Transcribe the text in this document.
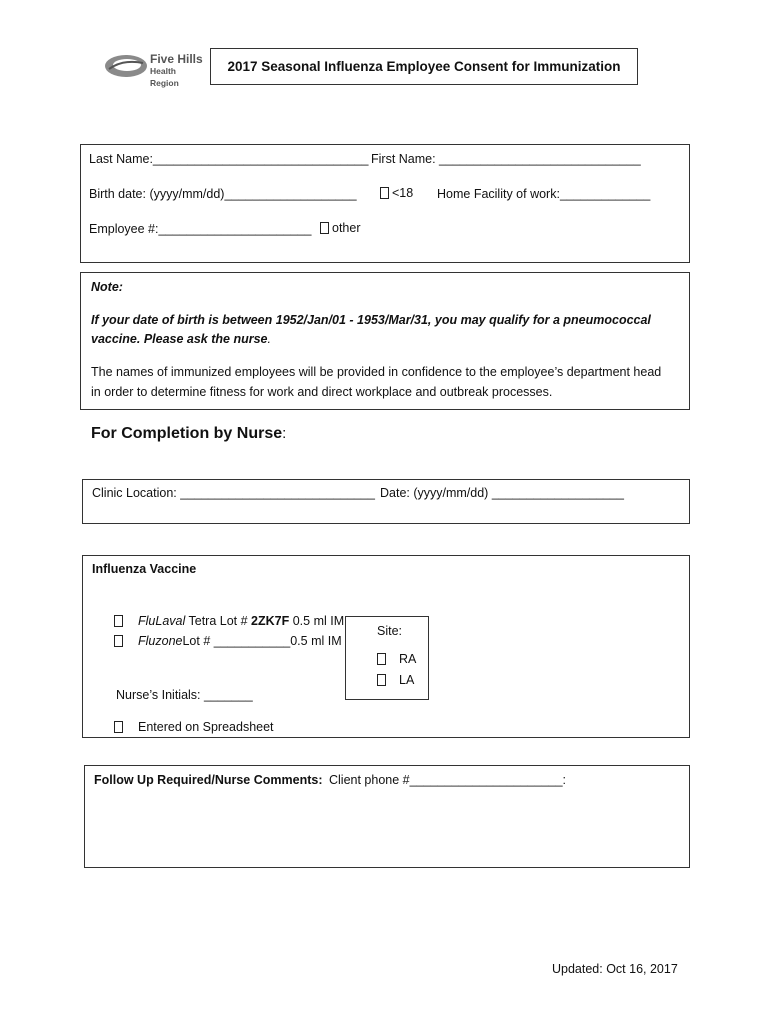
Five Hills
Health Region
2017 Seasonal Influenza Employee Consent for Immunization
Last Name:_______________________________ First Name: _____________________________
Birth date: (yyyy/mm/dd)___________________	<18 Home Facility of work:_____________
Employee #:______________________	other
Note:
If your date of birth is between 1952/Jan/01 - 1953/Mar/31, you may qualify for a pneumococcal
vaccine. Please ask the nurse.
The names of immunized employees will be provided in confidence to the employee’s department head
in order to determine fitness for work and direct workplace and outbreak processes.
For Completion by Nurse:
Clinic Location: ____________________________ Date: (yyyy/mm/dd) ___________________
Influenza Vaccine
FluLaval Tetra Lot # 2ZK7F 0.5 ml IM
FluzoneLot # ___________0.5 ml IM
Site:
RA
LA
Nurse’s Initials: _______
Entered on Spreadsheet
Follow Up Required/Nurse Comments: Client phone #______________________:
Updated: Oct 16, 2017
